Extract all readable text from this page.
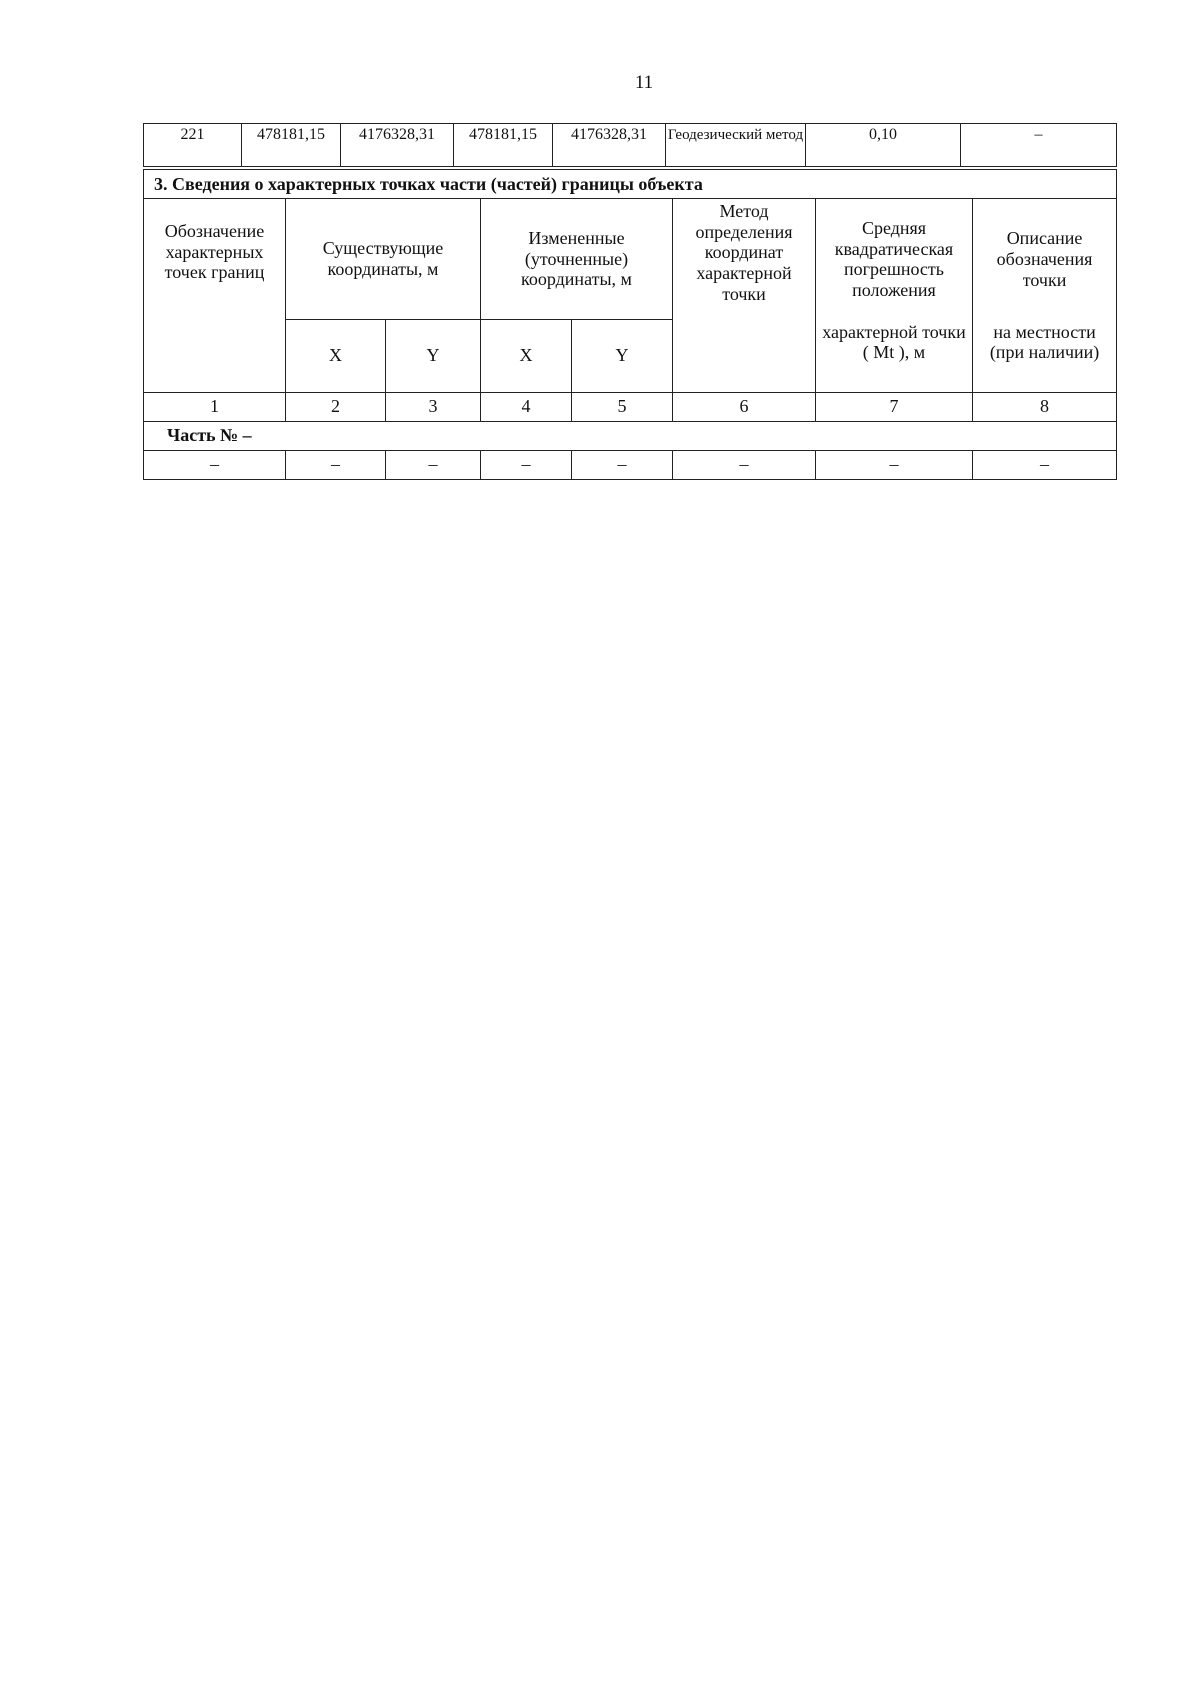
11
221	478181,15	4176328,31	478181,15	4176328,31	Геодезический метод	0,10	–
3. Сведения о характерных точках части (частей) границы объекта							
Обозначение характерных точек границ	Существующие координаты, м		Измененные (уточненные) координаты, м		Метод определения координат характерной точки	Средняя квадратическая погрешность положения	Описание обозначения точки
	X	Y	X	Y		характерной точки ( Mt ), м	на местности (при наличии)
1	2	3	4	5	6	7	8
Часть № –							
–	–	–	–	–	–	–	–
